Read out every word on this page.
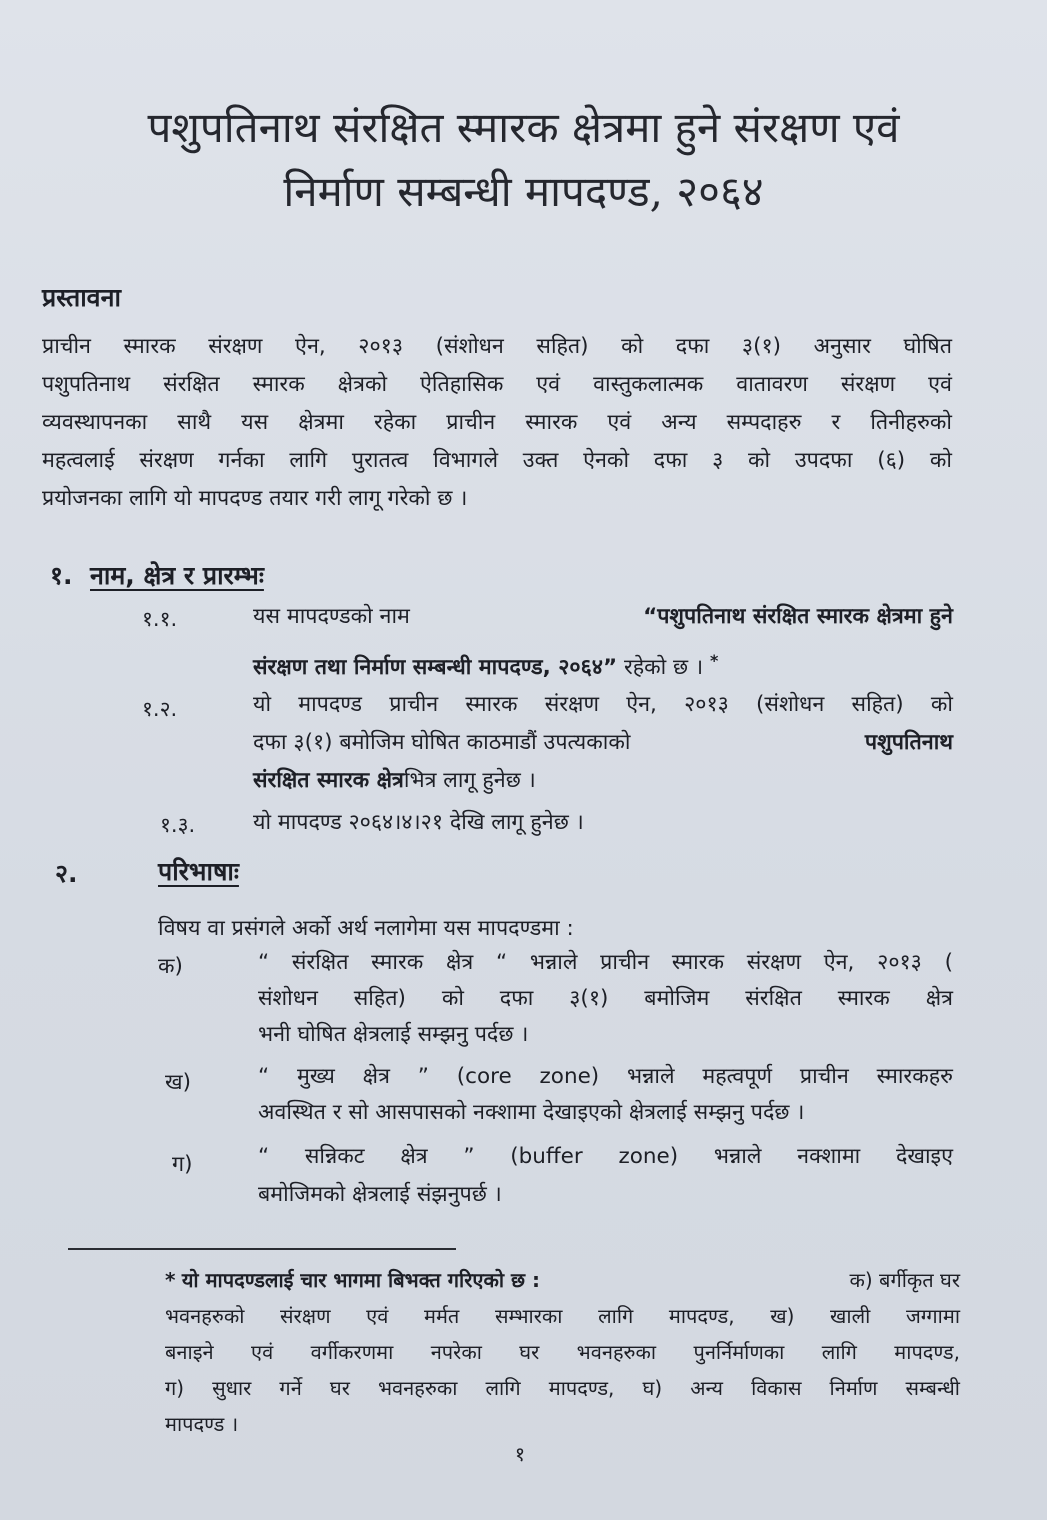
पशुपतिनाथ संरक्षित स्मारक क्षेत्रमा हुने संरक्षण एवं
निर्माण सम्बन्धी मापदण्ड, २०६४
प्रस्तावना
प्राचीन स्मारक संरक्षण ऐन, २०१३ (संशोधन सहित) को दफा ३(१) अनुसार घोषित
पशुपतिनाथ संरक्षित स्मारक क्षेत्रको ऐतिहासिक एवं वास्तुकलात्मक वातावरण संरक्षण एवं
व्यवस्थापनका साथै यस क्षेत्रमा रहेका प्राचीन स्मारक एवं अन्य सम्पदाहरु र तिनीहरुको
महत्वलाई संरक्षण गर्नका लागि पुरातत्व विभागले उक्त ऐनको दफा ३ को उपदफा (६) को
प्रयोजनका लागि यो मापदण्ड तयार गरी लागू गरेको छ ।
१. नाम, क्षेत्र र प्रारम्भः
१.१.	यस मापदण्डको नाम	“पशुपतिनाथ संरक्षित स्मारक क्षेत्रमा हुने
संरक्षण तथा निर्माण सम्बन्धी मापदण्ड, २०६४” रहेको छ । *
१.२.	यो मापदण्ड प्राचीन स्मारक संरक्षण ऐन, २०१३ (संशोधन सहित) को
दफा ३(१) बमोजिम घोषित काठमाडौं उपत्यकाको	पशुपतिनाथ
संरक्षित स्मारक क्षेत्रभित्र लागू हुनेछ ।
१.३.	यो मापदण्ड २०६४।४।२१ देखि लागू हुनेछ ।
२.	परिभाषाः
विषय वा प्रसंगले अर्को अर्थ नलागेमा यस मापदण्डमा :
क)	“ संरक्षित स्मारक क्षेत्र “ भन्नाले प्राचीन स्मारक संरक्षण ऐन, २०१३ (
संशोधन सहित) को दफा ३(१) बमोजिम संरक्षित स्मारक क्षेत्र
भनी घोषित क्षेत्रलाई सम्झनु पर्दछ ।
ख)	“ मुख्य क्षेत्र ” (core zone) भन्नाले महत्वपूर्ण प्राचीन स्मारकहरु
अवस्थित र सो आसपासको नक्शामा देखाइएको क्षेत्रलाई सम्झनु पर्दछ ।
ग)	“ सन्निकट क्षेत्र ” (buffer zone) भन्नाले नक्शामा देखाइए
बमोजिमको क्षेत्रलाई संझनुपर्छ ।
* यो मापदण्डलाई चार भागमा बिभक्त गरिएको छ :	क) बर्गीकृत घर
भवनहरुको संरक्षण एवं मर्मत सम्भारका लागि मापदण्ड, ख) खाली जग्गामा
बनाइने एवं वर्गीकरणमा नपरेका घर भवनहरुका पुनर्निर्माणका लागि मापदण्ड,
ग) सुधार गर्ने घर भवनहरुका लागि मापदण्ड, घ) अन्य विकास निर्माण सम्बन्धी
मापदण्ड ।
१
